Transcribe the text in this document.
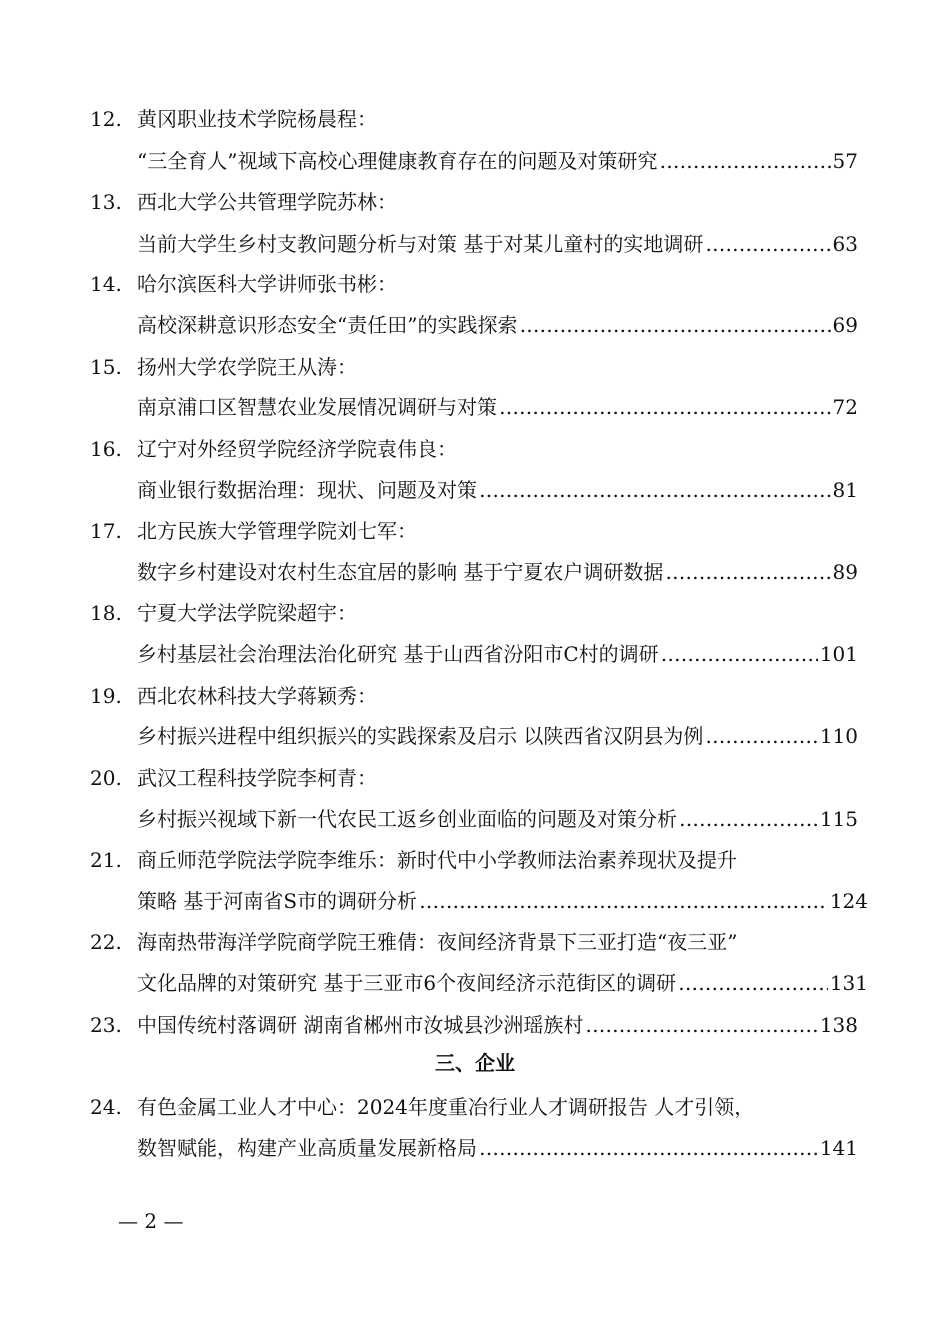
12. 黄冈职业技术学院杨晨程：
“三全育人”视域下高校心理健康教育存在的问题及对策研究 ……………………………………………………………………………………………………………………………………	57
13. 西北大学公共管理学院苏林：
当前大学生乡村支教问题分析与对策 基于对某儿童村的实地调研 ……………………………………………………………………………………………………………………………………	63
14. 哈尔滨医科大学讲师张书彬：
高校深耕意识形态安全“责任田”的实践探索 ……………………………………………………………………………………………………………………………………	69
15. 扬州大学农学院王从涛：
南京浦口区智慧农业发展情况调研与对策 ……………………………………………………………………………………………………………………………………	72
16. 辽宁对外经贸学院经济学院袁伟良：
商业银行数据治理：现状、问题及对策 ……………………………………………………………………………………………………………………………………	81
17. 北方民族大学管理学院刘七军：
数字乡村建设对农村生态宜居的影响 基于宁夏农户调研数据 ……………………………………………………………………………………………………………………………………	89
18. 宁夏大学法学院梁超宇：
乡村基层社会治理法治化研究 基于山西省汾阳市C村的调研 ……………………………………………………………………………………………………………………………………	101
19. 西北农林科技大学蒋颖秀：
乡村振兴进程中组织振兴的实践探索及启示 以陕西省汉阴县为例 ……………………………………………………………………………………………………………………………………	110
20. 武汉工程科技学院李柯青：
乡村振兴视域下新一代农民工返乡创业面临的问题及对策分析 ……………………………………………………………………………………………………………………………………	115
21. 商丘师范学院法学院李维乐：新时代中小学教师法治素养现状及提升
策略 基于河南省S市的调研分析 ……………………………………………………………………………………………………………………………………	124
22. 海南热带海洋学院商学院王雅倩：夜间经济背景下三亚打造“夜三亚”
文化品牌的对策研究 基于三亚市6个夜间经济示范街区的调研 ……………………………………………………………………………………………………………………………………	131
23. 中国传统村落调研 湖南省郴州市汝城县沙洲瑶族村 ……………………………………………………………………………………………………………………………………	138
三、企业
24. 有色金属工业人才中心：2024年度重冶行业人才调研报告 人才引领，
数智赋能，构建产业高质量发展新格局 ……………………………………………………………………………………………………………………………………	141
— 2 —
